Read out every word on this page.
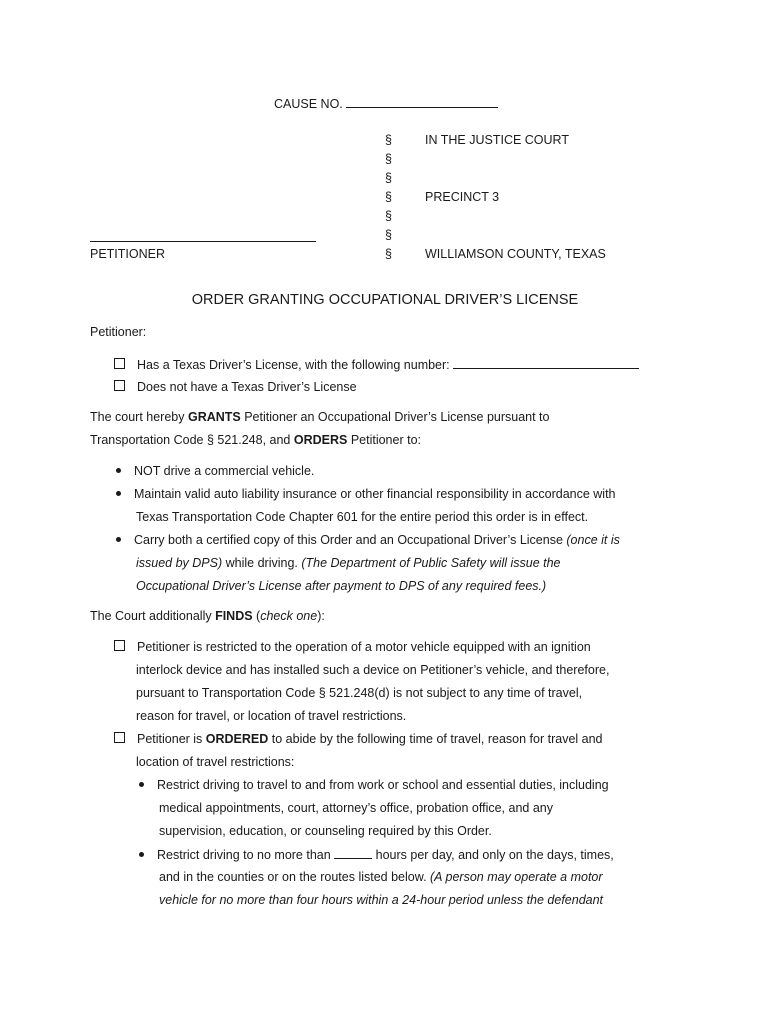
CAUSE NO.
§
§
§
§
§
§
§
IN THE JUSTICE COURT
PRECINCT 3
WILLIAMSON COUNTY, TEXAS
PETITIONER
ORDER GRANTING OCCUPATIONAL DRIVER’S LICENSE

Petitioner:

Has a Texas Driver’s License, with the following number:

Does not have a Texas Driver’s License

The court hereby GRANTS Petitioner an Occupational Driver’s License pursuant to

Transportation Code § 521.248, and ORDERS Petitioner to:

NOT drive a commercial vehicle.

Maintain valid auto liability insurance or other financial responsibility in accordance with

Texas Transportation Code Chapter 601 for the entire period this order is in effect.

Carry both a certified copy of this Order and an Occupational Driver’s License (once it is

issued by DPS) while driving. (The Department of Public Safety will issue the

Occupational Driver’s License after payment to DPS of any required fees.)

The Court additionally FINDS (check one):

Petitioner is restricted to the operation of a motor vehicle equipped with an ignition

interlock device and has installed such a device on Petitioner’s vehicle, and therefore,

pursuant to Transportation Code § 521.248(d) is not subject to any time of travel,

reason for travel, or location of travel restrictions.

Petitioner is ORDERED to abide by the following time of travel, reason for travel and

location of travel restrictions:

Restrict driving to travel to and from work or school and essential duties, including

medical appointments, court, attorney’s office, probation office, and any

supervision, education, or counseling required by this Order.

Restrict driving to no more than	hours per day, and only on the days, times,

and in the counties or on the routes listed below. (A person may operate a motor

vehicle for no more than four hours within a 24-hour period unless the defendant
